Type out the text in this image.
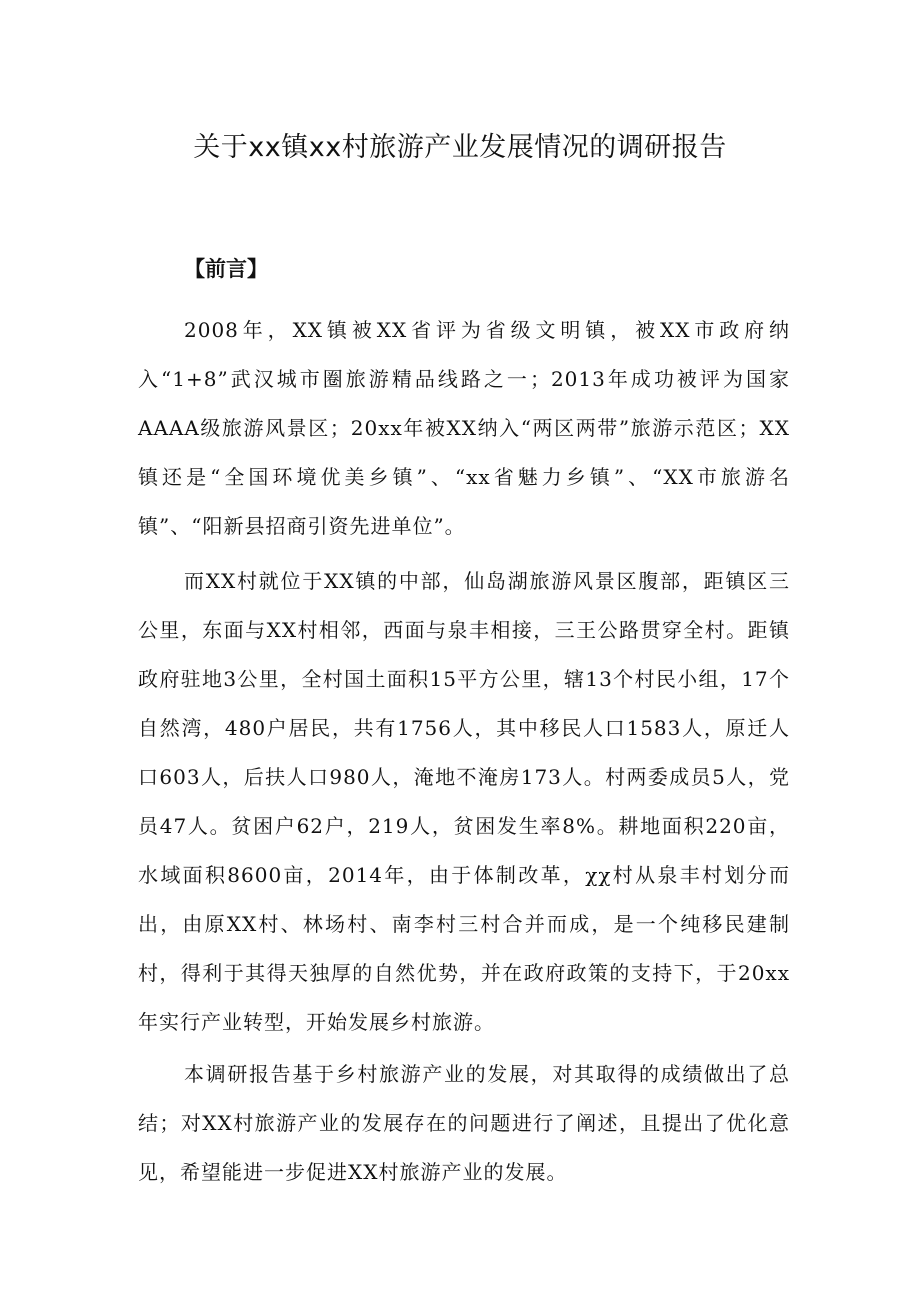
关于xx镇xx村旅游产业发展情况的调研报告
【前言】

2008年，XX镇被XX省评为省级文明镇，被XX市政府纳入“1+8”武汉城市圈旅游精品线路之一；2013年成功被评为国家AAAA级旅游风景区；20xx年被XX纳入“两区两带”旅游示范区；XX镇还是“全国环境优美乡镇”、“xx省魅力乡镇”、“XX市旅游名镇”、“阳新县招商引资先进单位”。

而XX村就位于XX镇的中部，仙岛湖旅游风景区腹部，距镇区三公里，东面与XX村相邻，西面与泉丰相接，三王公路贯穿全村。距镇政府驻地3公里，全村国土面积15平方公里，辖13个村民小组，17个自然湾，480户居民，共有1756人，其中移民人口1583人，原迁人口603人，后扶人口980人，淹地不淹房173人。村两委成员5人，党员47人。贫困户62户，219人，贫困发生率8%。耕地面积220亩，水域面积8600亩，2014年，由于体制改革，χχ村从泉丰村划分而出，由原XX村、林场村、南李村三村合并而成，是一个纯移民建制村，得利于其得天独厚的自然优势，并在政府政策的支持下，于20xx年实行产业转型，开始发展乡村旅游。

本调研报告基于乡村旅游产业的发展，对其取得的成绩做出了总结；对XX村旅游产业的发展存在的问题进行了阐述，且提出了优化意见，希望能进一步促进XX村旅游产业的发展。
